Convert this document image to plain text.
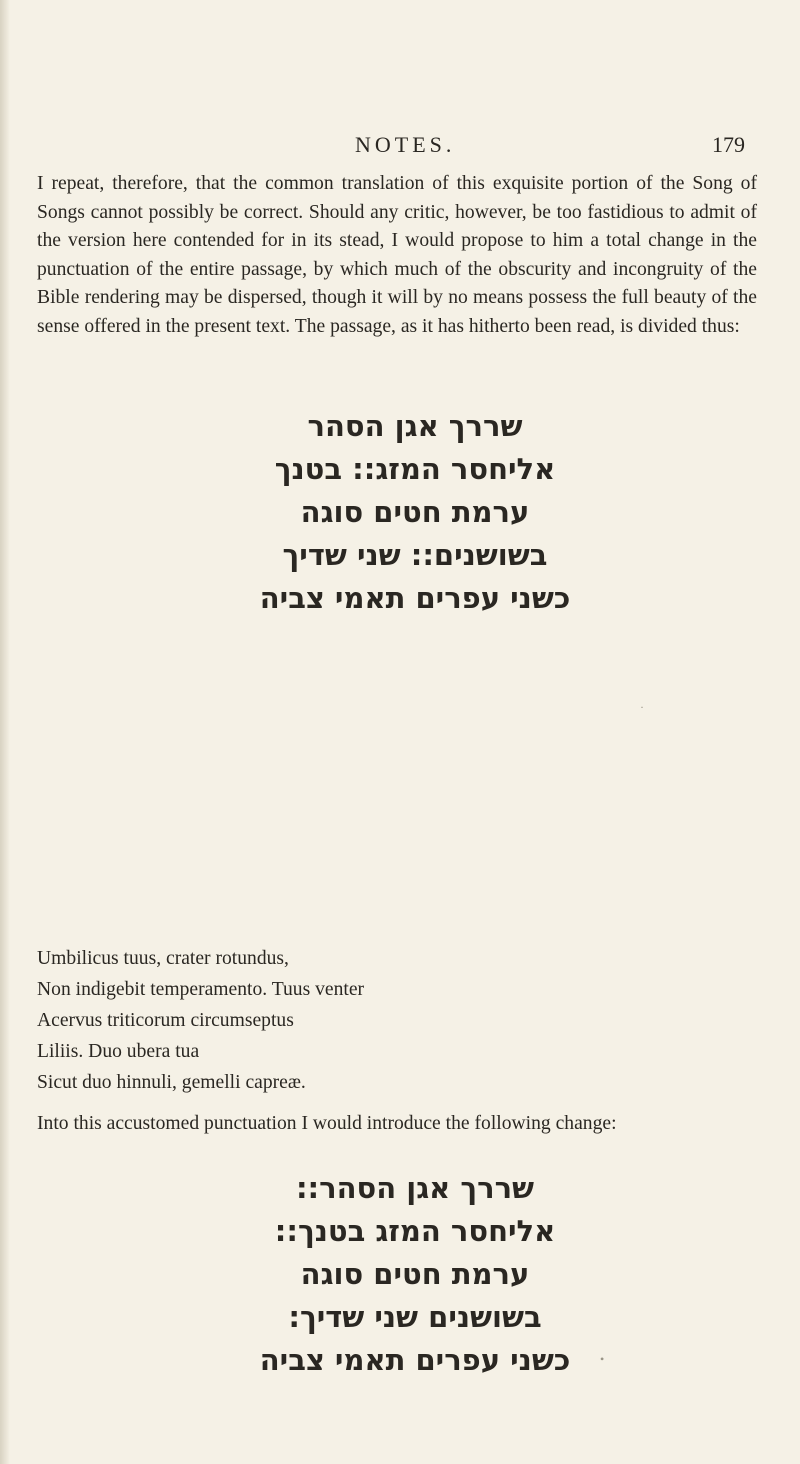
NOTES.	179

I repeat, therefore, that the common translation of this exquisite portion of the Song of Songs cannot possibly be correct. Should any critic, however, be too fastidious to admit of the version here contended for in its stead, I would propose to him a total change in the punctuation of the entire passage, by which much of the obscurity and incongruity of the Bible rendering may be dispersed, though it will by no means possess the full beauty of the sense offered in the present text. The passage, as it has hitherto been read, is divided thus:

שררך אגן הסהר
אליחסר המזג:: בטנך
ערמת חטים סוגה
בשושנים:: שני שדיך
כשני עפרים תאמי צביה
Umbilicus tuus, crater rotundus,
Non indigebit temperamento. Tuus venter
Acervus triticorum circumseptus
Liliis. Duo ubera tua
Sicut duo hinnuli, gemelli capreæ.

Into this accustomed punctuation I would introduce the following change:

שררך אגן הסהר::
אליחסר המזג בטנך::
ערמת חטים סוגה
בשושנים שני שדיך:
כשני עפרים תאמי צביה
·
•
